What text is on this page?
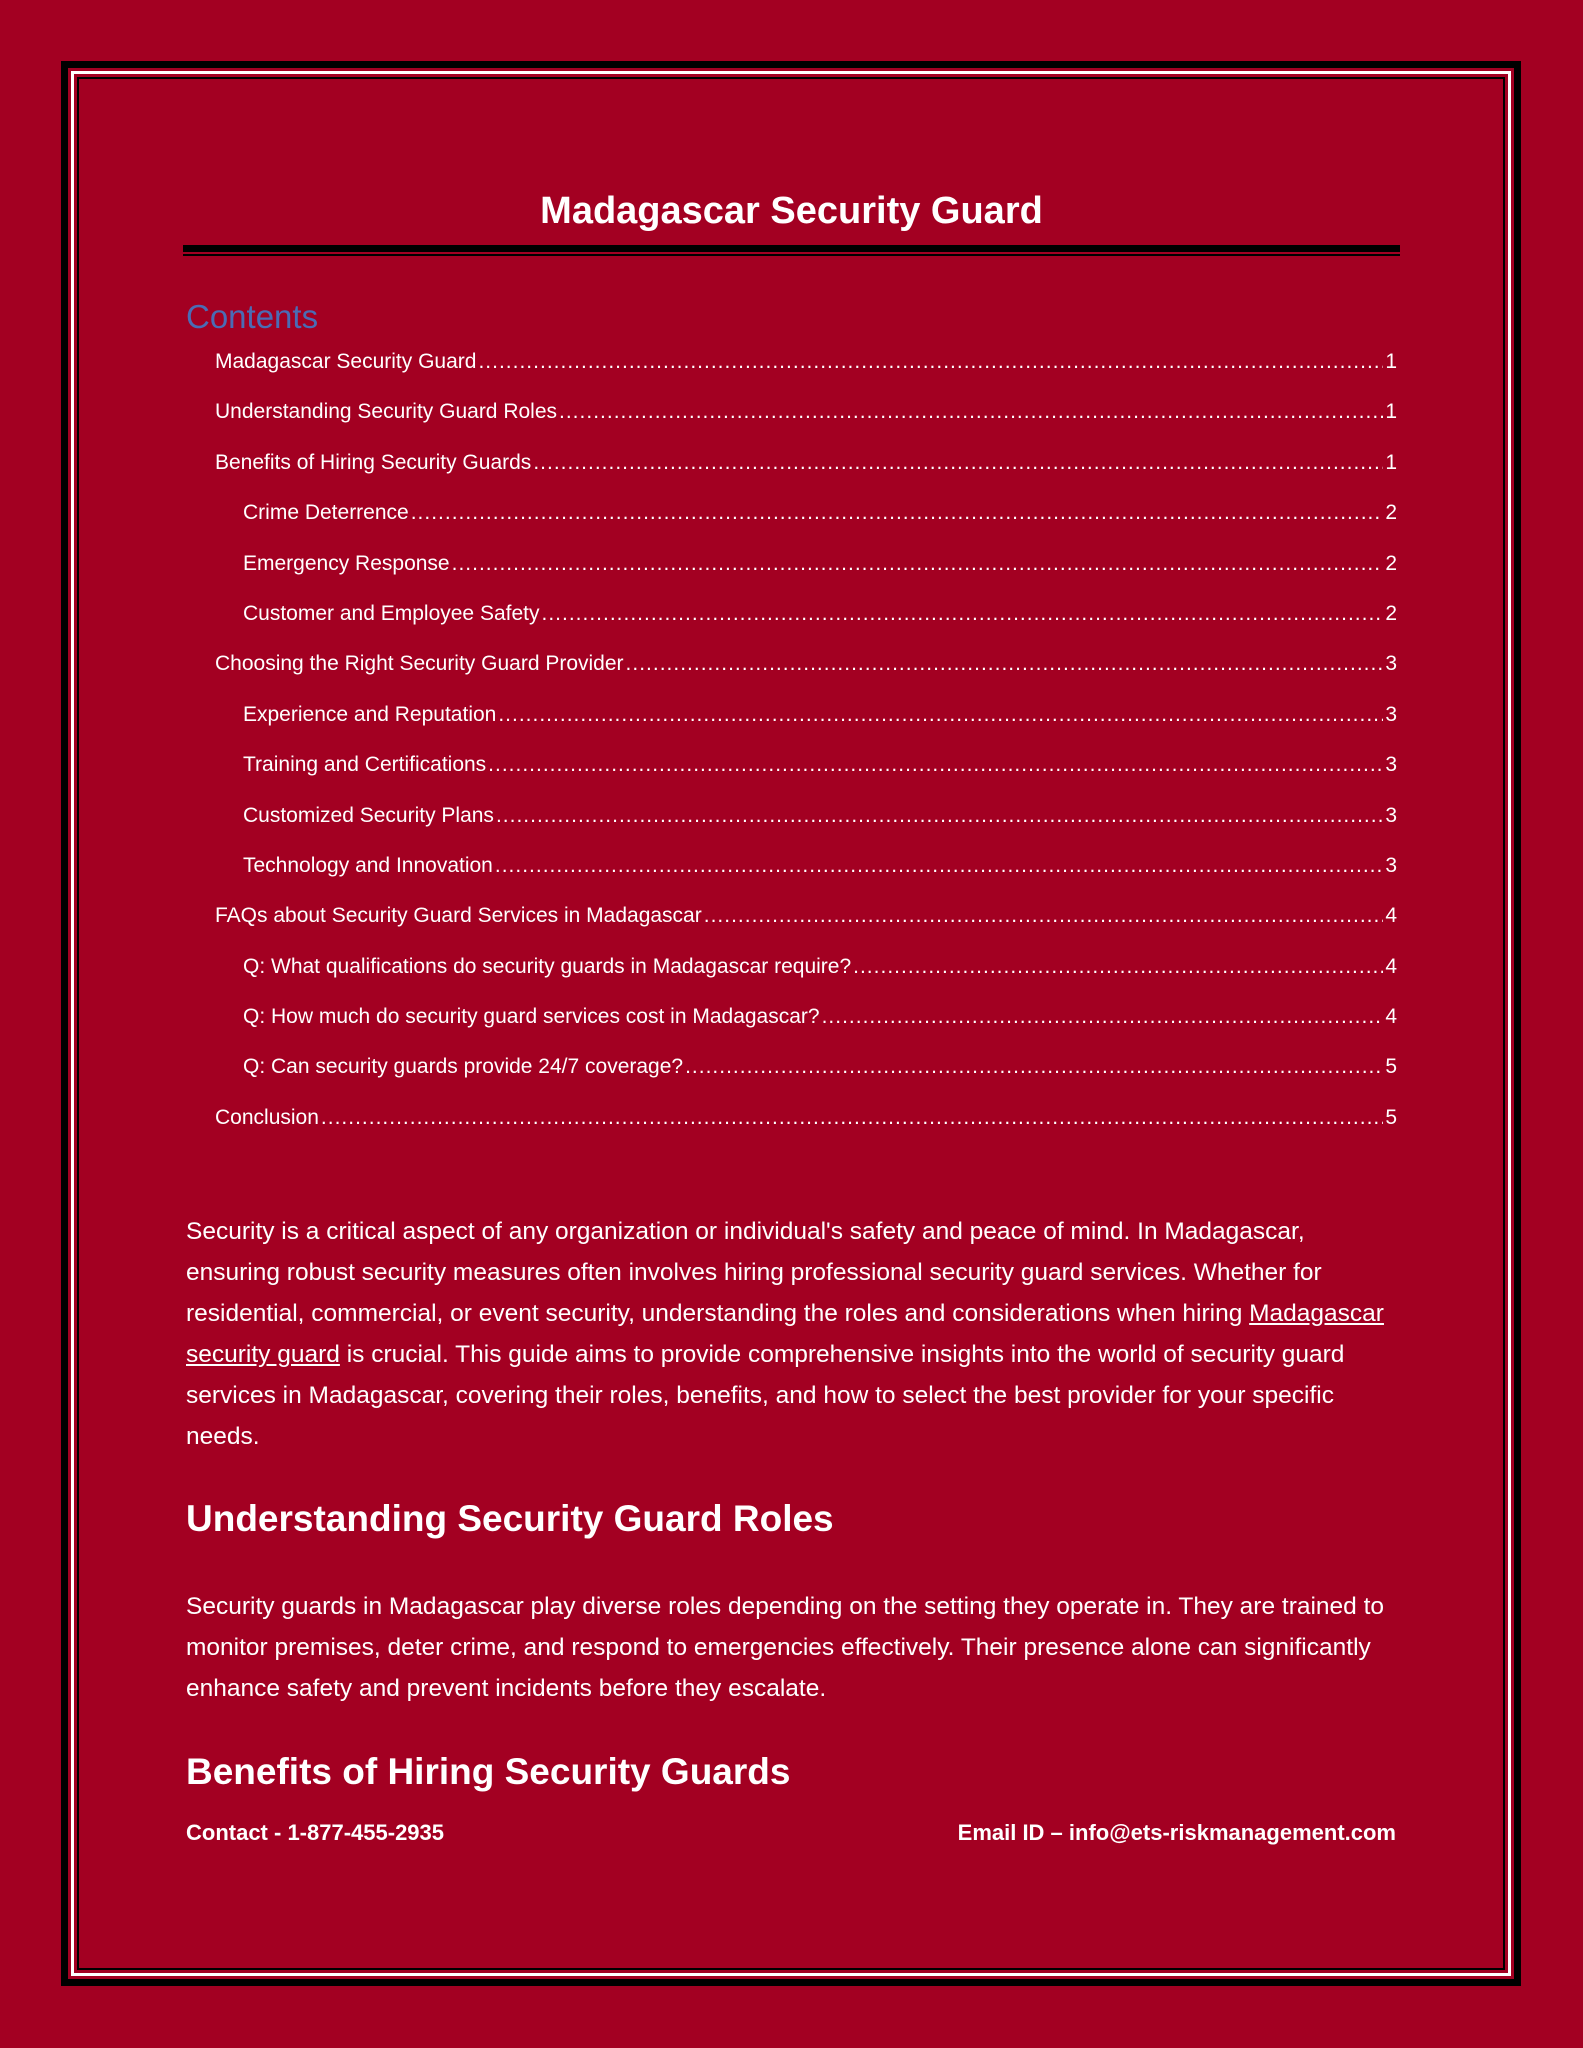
Madagascar Security Guard
Contents
Madagascar Security Guard .....	1
Understanding Security Guard Roles .....	1
Benefits of Hiring Security Guards .....	1
Crime Deterrence .....	2
Emergency Response .....	2
Customer and Employee Safety .....	2
Choosing the Right Security Guard Provider .....	3
Experience and Reputation .....	3
Training and Certifications .....	3
Customized Security Plans .....	3
Technology and Innovation .....	3
FAQs about Security Guard Services in Madagascar .....	4
Q: What qualifications do security guards in Madagascar require? .....	4
Q: How much do security guard services cost in Madagascar? .....	4
Q: Can security guards provide 24/7 coverage? .....	5
Conclusion .....	5
Security is a critical aspect of any organization or individual's safety and peace of mind. In Madagascar, ensuring robust security measures often involves hiring professional security guard services. Whether for residential, commercial, or event security, understanding the roles and considerations when hiring Madagascar security guard is crucial. This guide aims to provide comprehensive insights into the world of security guard services in Madagascar, covering their roles, benefits, and how to select the best provider for your specific needs.
Understanding Security Guard Roles
Security guards in Madagascar play diverse roles depending on the setting they operate in. They are trained to monitor premises, deter crime, and respond to emergencies effectively. Their presence alone can significantly enhance safety and prevent incidents before they escalate.
Benefits of Hiring Security Guards
Contact - 1-877-455-2935	Email ID – info@ets-riskmanagement.com
